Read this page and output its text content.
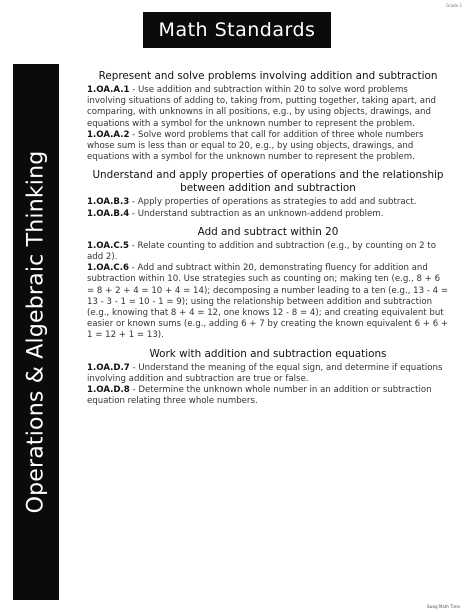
Grade 1
Math Standards
Operations & Algebraic Thinking
Represent and solve problems involving addition and subtraction

1.OA.A.1 - Use addition and subtraction within 20 to solve word problems involving situations of adding to, taking from, putting together, taking apart, and comparing, with unknowns in all positions, e.g., by using objects, drawings, and equations with a symbol for the unknown number to represent the problem.

1.OA.A.2 - Solve word problems that call for addition of three whole numbers whose sum is less than or equal to 20, e.g., by using objects, drawings, and equations with a symbol for the unknown number to represent the problem.

Understand and apply properties of operations and the relationship between addition and subtraction

1.OA.B.3 - Apply properties of operations as strategies to add and subtract.

1.OA.B.4 - Understand subtraction as an unknown-addend problem.

Add and subtract within 20

1.OA.C.5 - Relate counting to addition and subtraction (e.g., by counting on 2 to add 2).

1.OA.C.6 - Add and subtract within 20, demonstrating fluency for addition and subtraction within 10. Use strategies such as counting on; making ten (e.g., 8 + 6 = 8 + 2 + 4 = 10 + 4 = 14); decomposing a number leading to a ten (e.g., 13 - 4 = 13 - 3 - 1 = 10 - 1 = 9); using the relationship between addition and subtraction (e.g., knowing that 8 + 4 = 12, one knows 12 - 8 = 4); and creating equivalent but easier or known sums (e.g., adding 6 + 7 by creating the known equivalent 6 + 6 + 1 = 12 + 1 = 13).

Work with addition and subtraction equations

1.OA.D.7 - Understand the meaning of the equal sign, and determine if equations involving addition and subtraction are true or false.

1.OA.D.8 - Determine the unknown whole number in an addition or subtraction equation relating three whole numbers.

Swag Math Time
